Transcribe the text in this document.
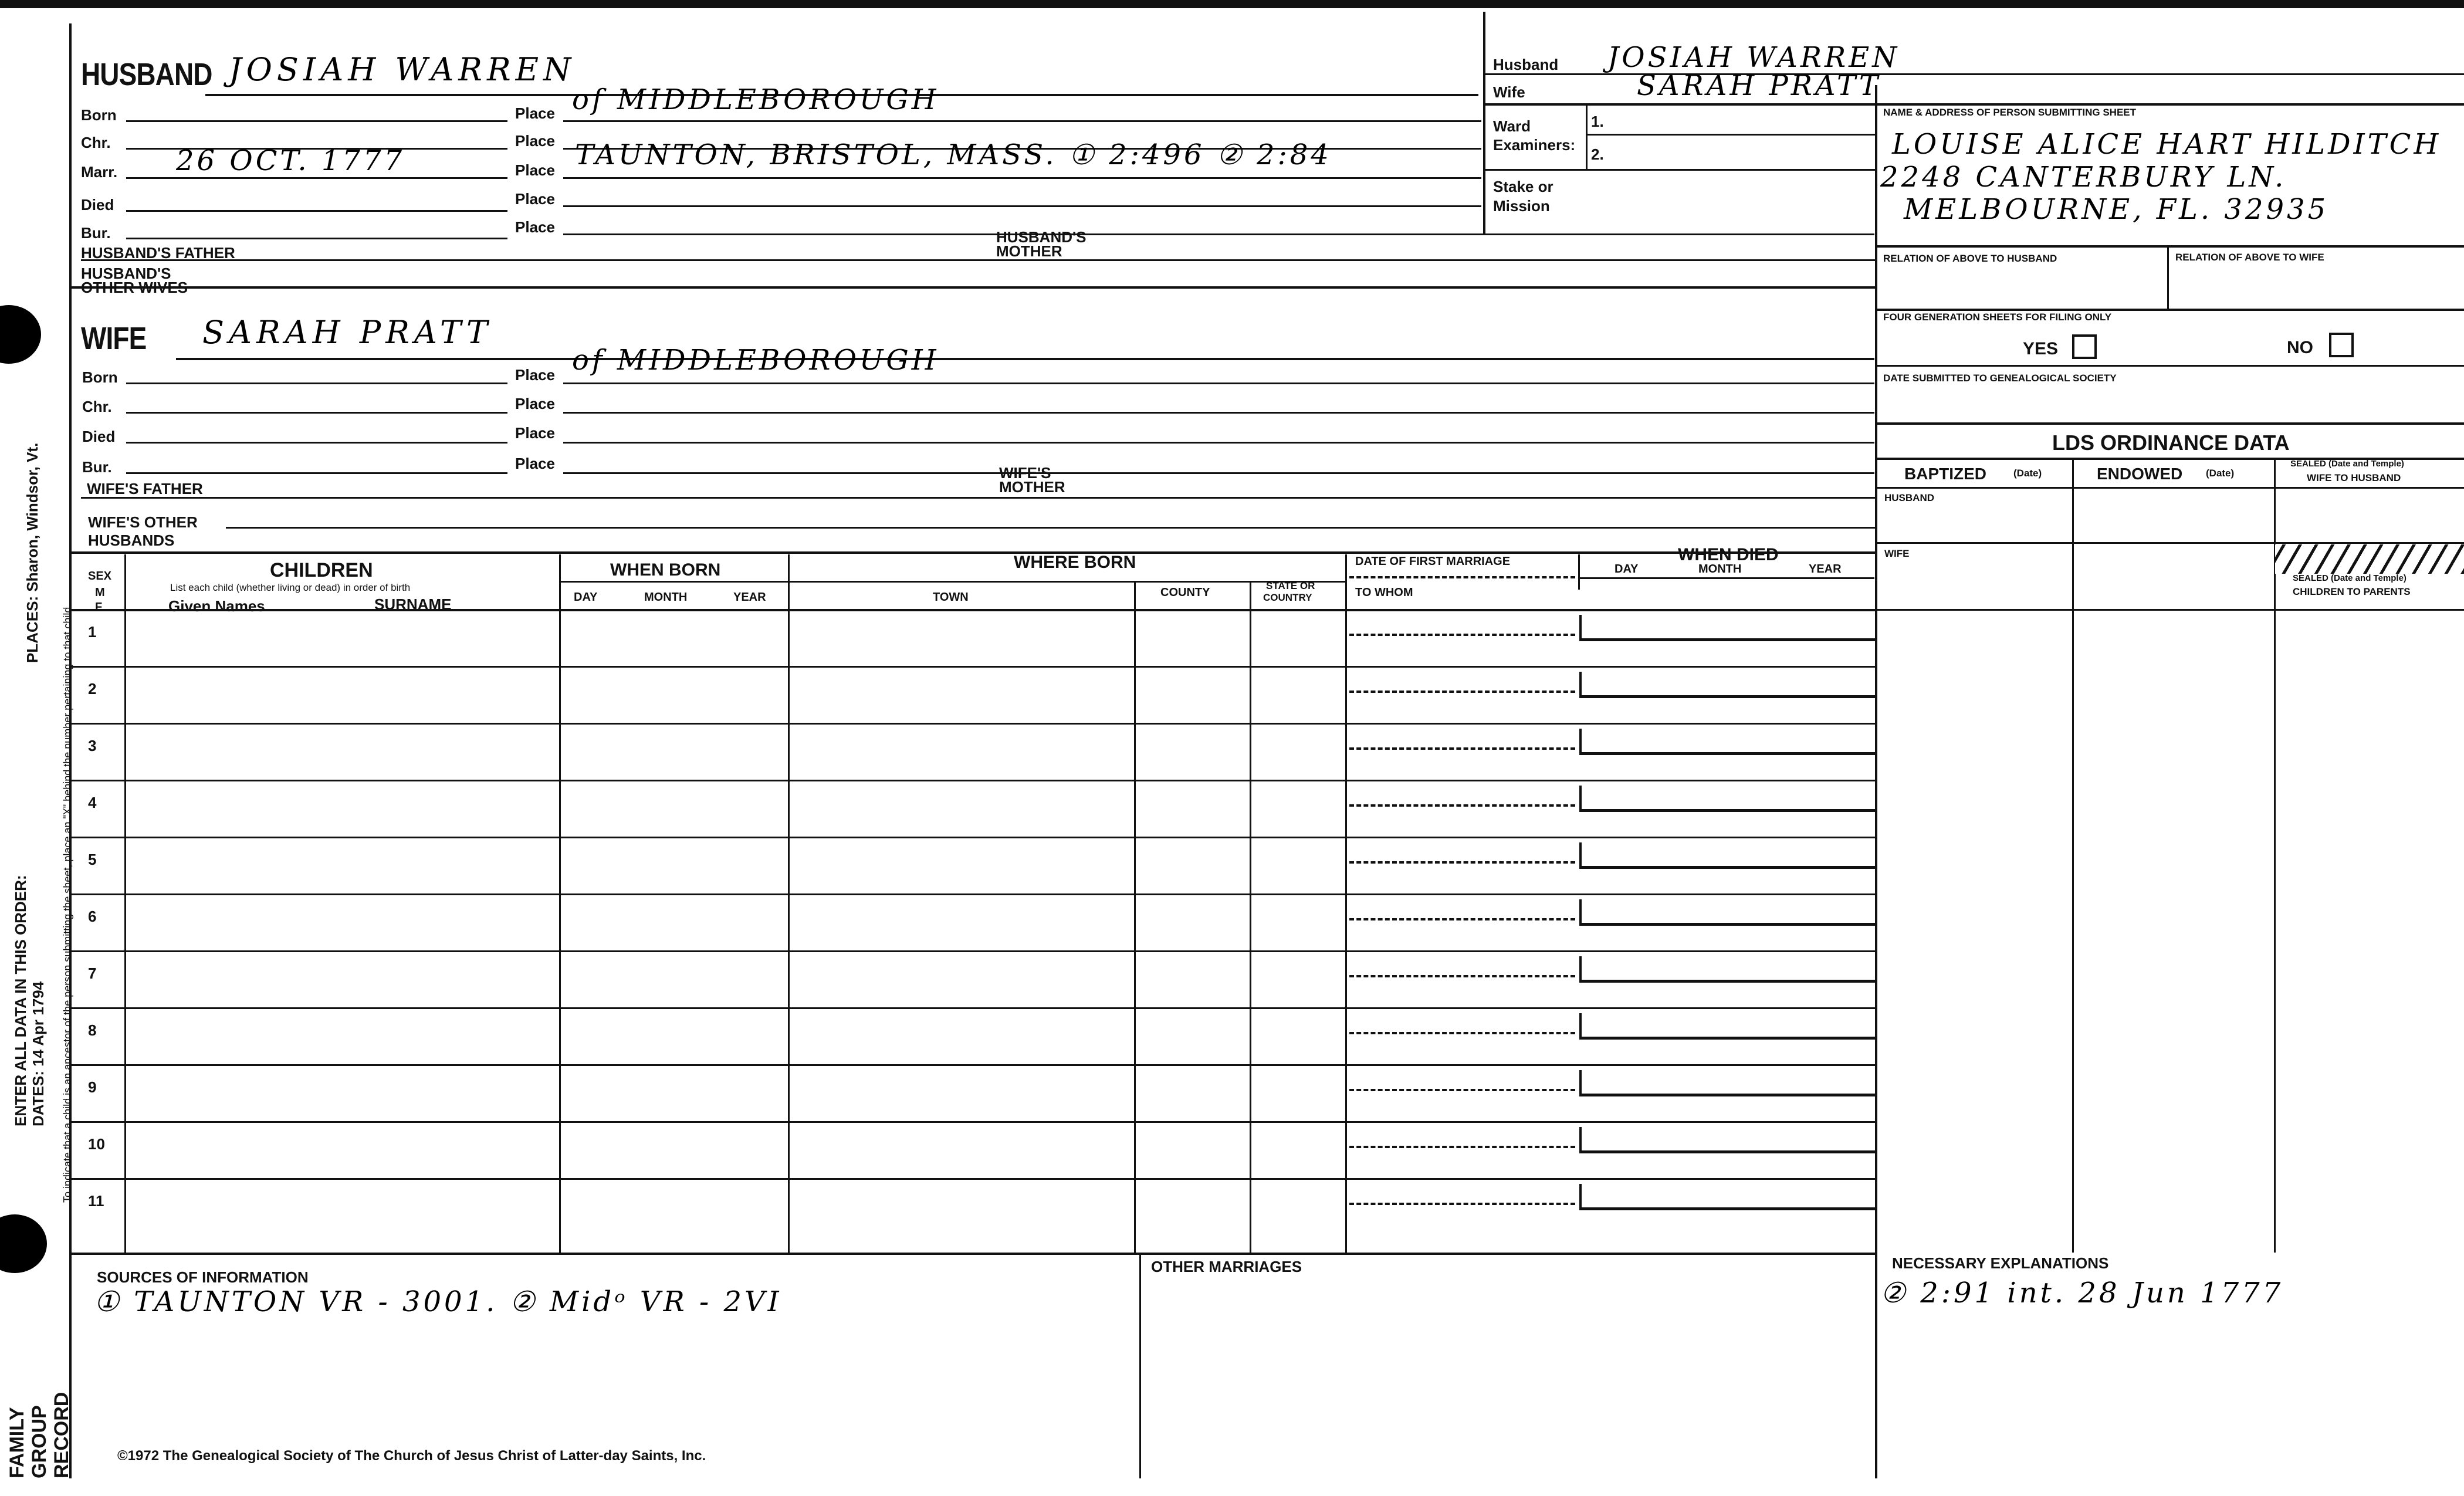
PLACES: Sharon, Windsor, Vt.
To indicate that a child is an ancestor of the person submitting the sheet, place an "X" behind the number pertaining to that child.
ENTER ALL DATA IN THIS ORDER: DATES: 14 Apr 1794
FAMILY GROUP RECORD
HUSBAND JOSIAH WARREN
Born	Place of MIDDLEBOROUGH
Chr.	Place
Marr. 26 OCT. 1777	Place TAUNTON, BRISTOL, MASS. ① 2:496 ② 2:84
Died	Place
Bur.	Place
HUSBAND'S FATHER
HUSBAND'S
MOTHER
HUSBAND'S
OTHER WIVES
WIFE SARAH PRATT
Born	Place of MIDDLEBOROUGH
Chr.	Place
Died	Place
Bur.	Place
WIFE'S FATHER
WIFE'S
MOTHER
WIFE'S OTHER
HUSBANDS
SEX
M
F
CHILDREN
List each child (whether living or dead) in order of birth
Given Names	SURNAME
WHEN BORN
DAY	MONTH	YEAR
WHERE BORN
TOWN	COUNTY
STATE OR
COUNTRY
DATE OF FIRST MARRIAGE
TO WHOM
WHEN DIED
DAY	MONTH	YEAR
1
2
3
4
5
6
7
8
9
10
11
SOURCES OF INFORMATION
① TAUNTON VR - 3001. ② Midᵒ VR - 2VI
OTHER MARRIAGES
©1972 The Genealogical Society of The Church of Jesus Christ of Latter-day Saints, Inc.
Husband JOSIAH WARREN
Wife	SARAH PRATT
Ward
Examiners:
1.
2.
Stake or
Mission
NAME & ADDRESS OF PERSON SUBMITTING SHEET
LOUISE ALICE HART HILDITCH
2248 CANTERBURY LN.
MELBOURNE, FL. 32935
RELATION OF ABOVE TO HUSBAND	RELATION OF ABOVE TO WIFE
FOUR GENERATION SHEETS FOR FILING ONLY
YES	NO
DATE SUBMITTED TO GENEALOGICAL SOCIETY
LDS ORDINANCE DATA
BAPTIZED	(Date)	ENDOWED (Date)
SEALED (Date and Temple)
WIFE TO HUSBAND
HUSBAND
WIFE
SEALED (Date and Temple)
CHILDREN TO PARENTS
NECESSARY EXPLANATIONS
② 2:91 int. 28 Jun 1777
